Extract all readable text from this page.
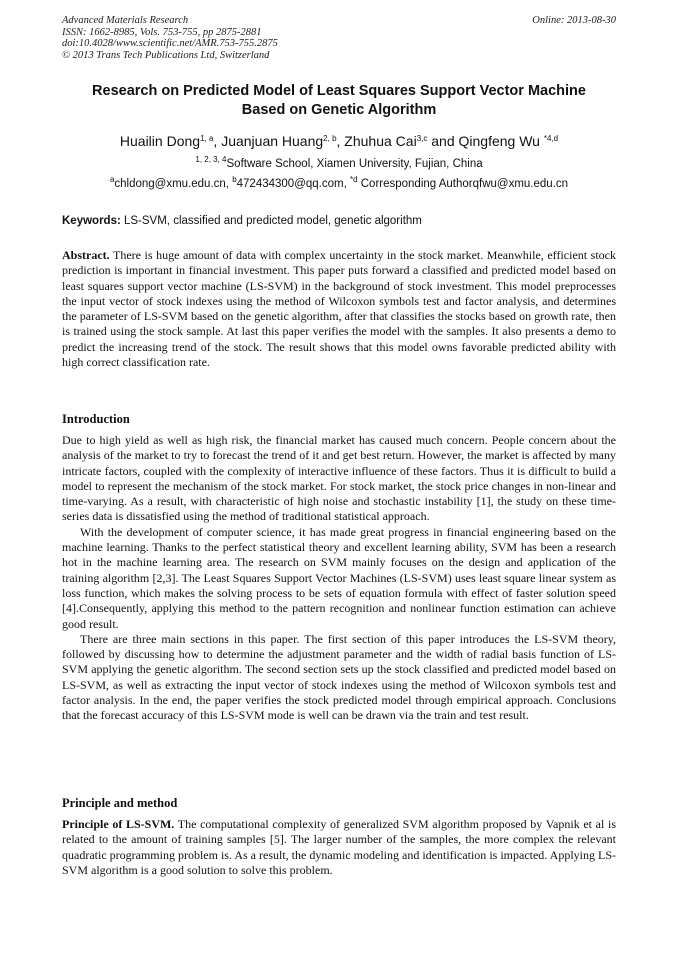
Advanced Materials Research
ISSN: 1662-8985, Vols. 753-755, pp 2875-2881
doi:10.4028/www.scientific.net/AMR.753-755.2875
© 2013 Trans Tech Publications Ltd, Switzerland
Online: 2013-08-30
Research on Predicted Model of Least Squares Support Vector Machine
Based on Genetic Algorithm
Huailin Dong$^{1, a}$, Juanjuan Huang$^{2, b}$, Zhuhua Cai$^{3,c}$ and Qingfeng Wu $^{*4,d}$
$^{1, 2, 3, 4}$Software School, Xiamen University, Fujian, China
$^a$chldong@xmu.edu.cn, $^b$472434300@qq.com, $^{*d}$ Corresponding Authorqfwu@xmu.edu.cn
Keywords: LS-SVM, classified and predicted model, genetic algorithm

Abstract. There is huge amount of data with complex uncertainty in the stock market. Meanwhile, efficient stock prediction is important in financial investment. This paper puts forward a classified and predicted model based on least squares support vector machine (LS-SVM) in the background of stock investment. This model preprocesses the input vector of stock indexes using the method of Wilcoxon symbols test and factor analysis, and determines the parameter of LS-SVM based on the genetic algorithm, after that classifies the stocks based on growth rate, then is trained using the stock sample. At last this paper verifies the model with the samples. It also presents a demo to predict the increasing trend of the stock. The result shows that this model owns favorable predicted ability with high correct classification rate.

Introduction

Due to high yield as well as high risk, the financial market has caused much concern. People concern about the analysis of the market to try to forecast the trend of it and get best return. However, the market is affected by many intricate factors, coupled with the complexity of interactive influence of these factors. Thus it is difficult to build a model to represent the mechanism of the stock market. For stock market, the stock price changes in non-linear and time-varying. As a result, with characteristic of high noise and stochastic instability [1], the study on these time-series data is dissatisfied using the method of traditional statistical approach.

With the development of computer science, it has made great progress in financial engineering based on the machine learning. Thanks to the perfect statistical theory and excellent learning ability, SVM has been a research hot in the machine learning area. The research on SVM mainly focuses on the design and application of the training algorithm [2,3]. The Least Squares Support Vector Machines (LS-SVM) uses least square linear system as loss function, which makes the solving process to be sets of equation formula with effect of faster solution speed [4].Consequently, applying this method to the pattern recognition and nonlinear function estimation can achieve good result.

There are three main sections in this paper. The first section of this paper introduces the LS-SVM theory, followed by discussing how to determine the adjustment parameter and the width of radial basis function of LS-SVM applying the genetic algorithm. The second section sets up the stock classified and predicted model based on LS-SVM, as well as extracting the input vector of stock indexes using the method of Wilcoxon symbols test and factor analysis. In the end, the paper verifies the stock predicted model through empirical approach. Conclusions that the forecast accuracy of this LS-SVM mode is well can be drawn via the train and test result.

Principle and method

Principle of LS-SVM. The computational complexity of generalized SVM algorithm proposed by Vapnik et al is related to the amount of training samples [5]. The larger number of the samples, the more complex the relevant quadratic programming problem is. As a result, the dynamic modeling and identification is impacted. Applying LS-SVM algorithm is a good solution to solve this problem.
